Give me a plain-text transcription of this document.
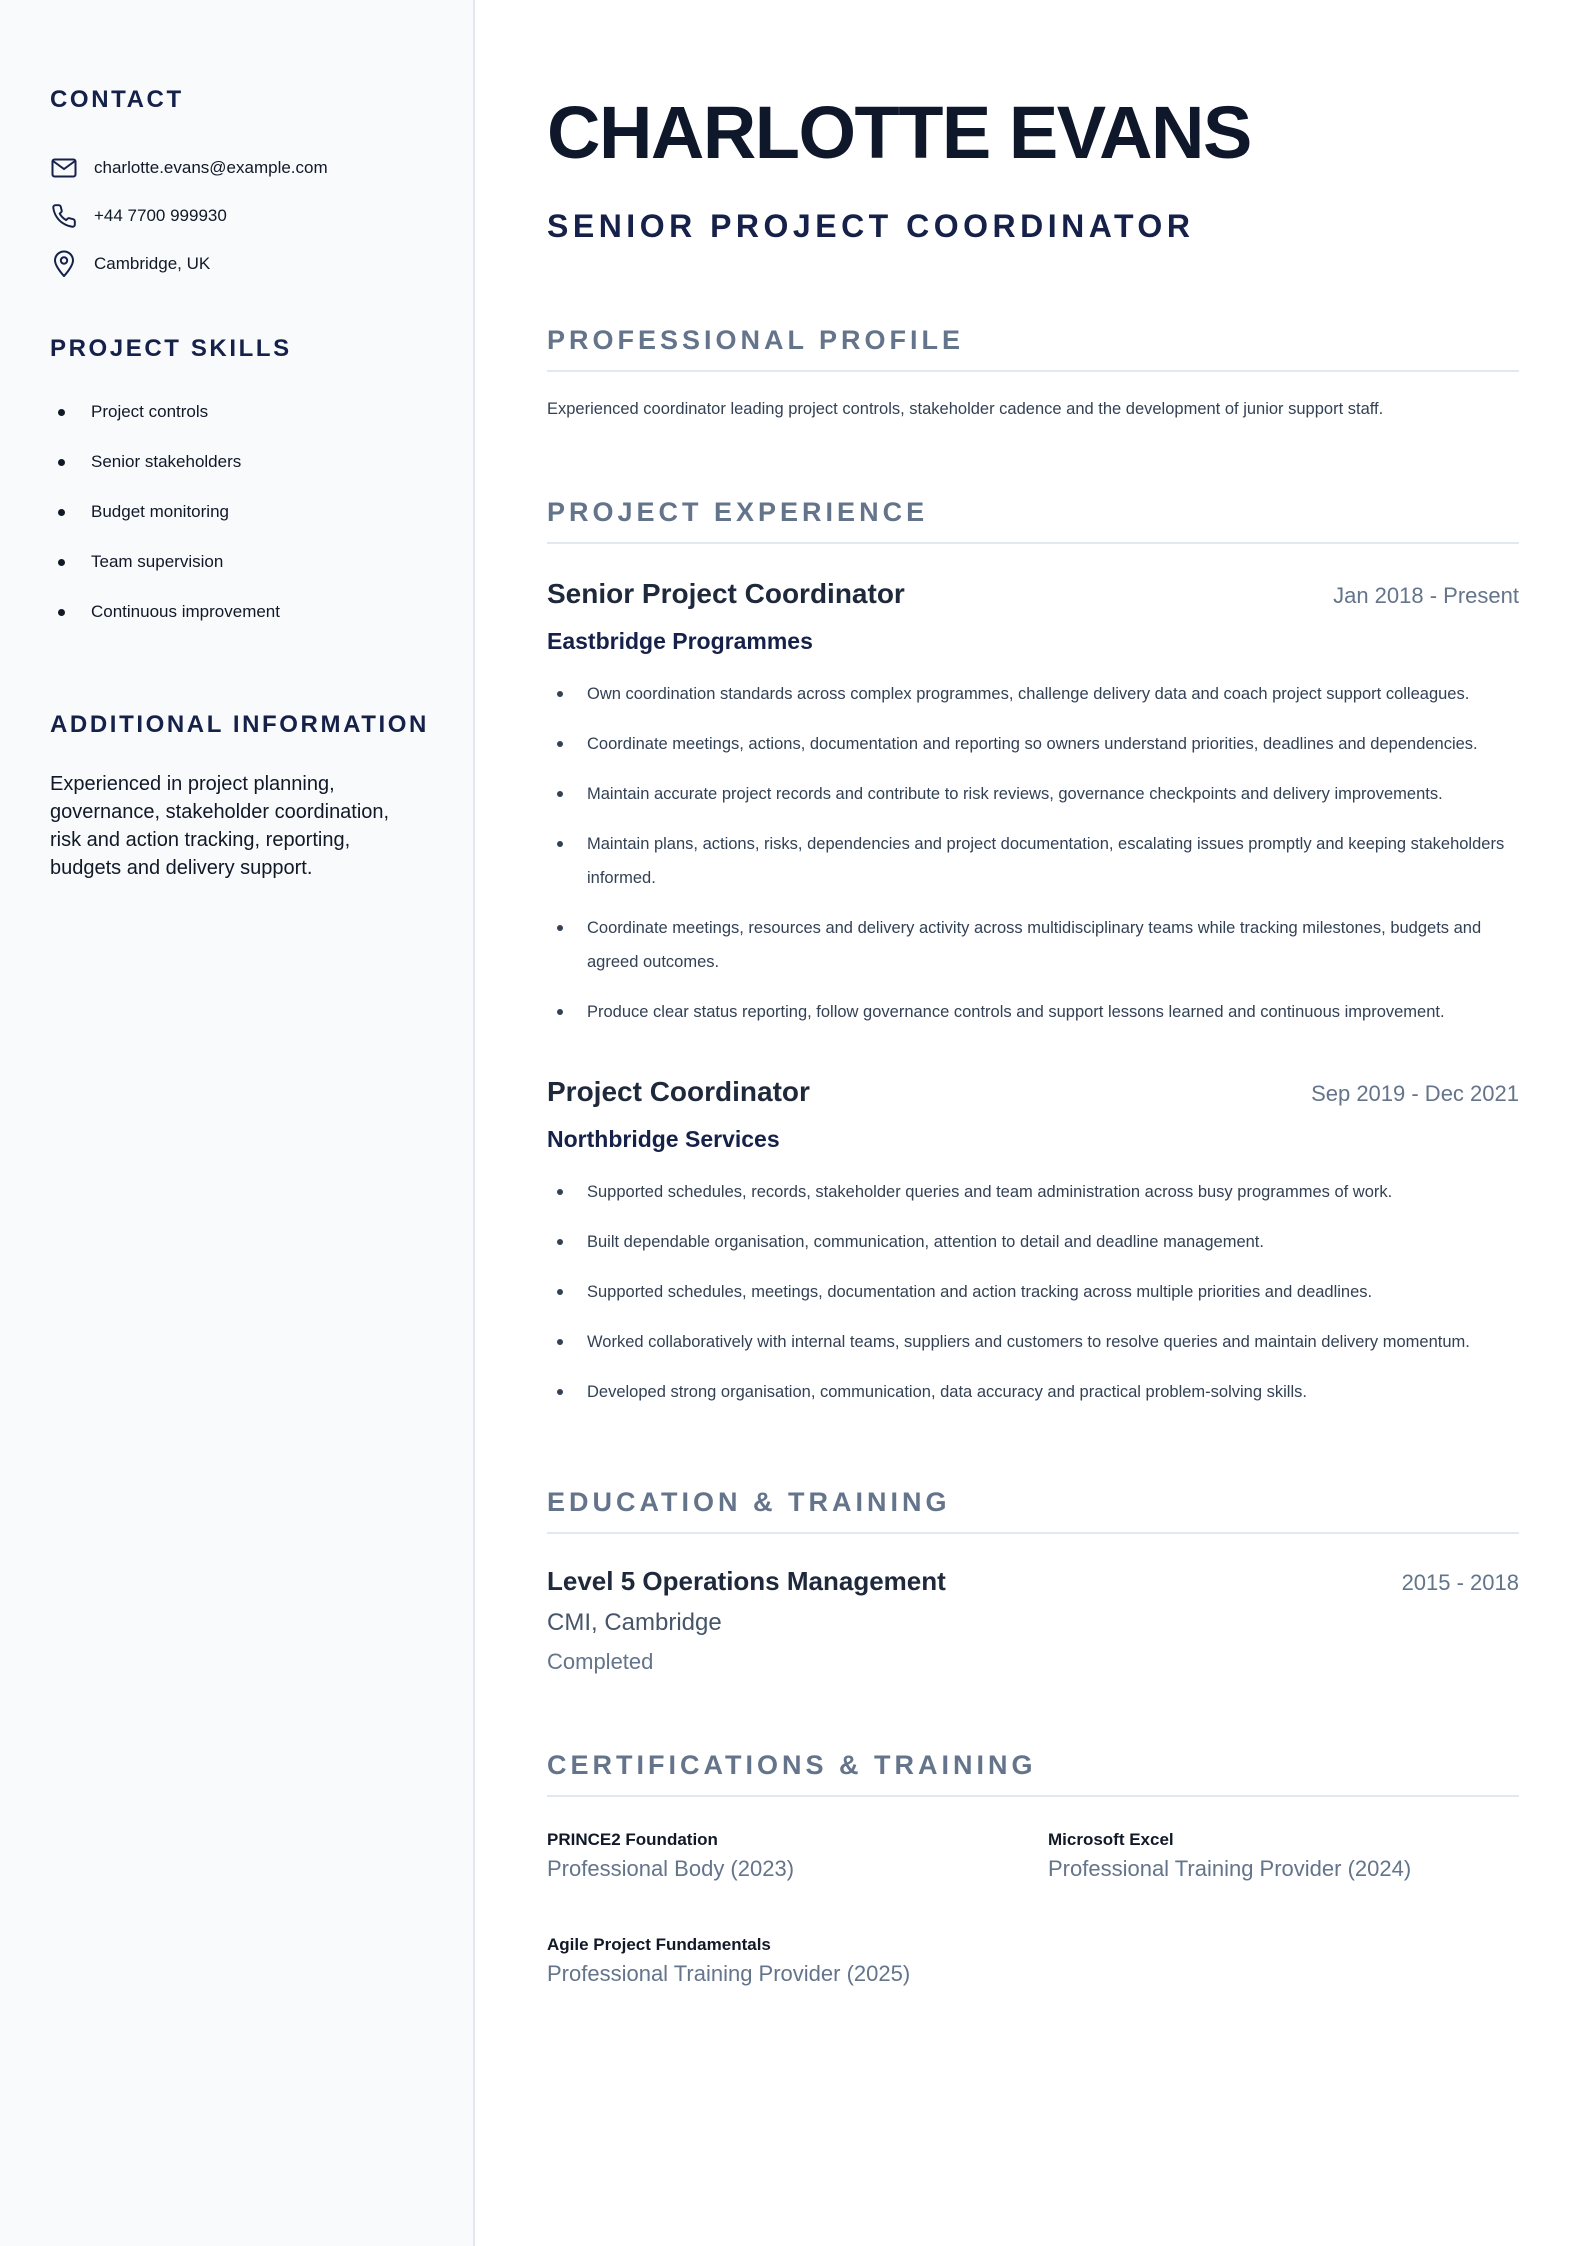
CONTACT
charlotte.evans@example.com
+44 7700 999930
Cambridge, UK
PROJECT SKILLS
Project controls
Senior stakeholders
Budget monitoring
Team supervision
Continuous improvement
ADDITIONAL INFORMATION

Experienced in project planning, governance, stakeholder coordination, risk and action tracking, reporting, budgets and delivery support.

CHARLOTTE EVANS
SENIOR PROJECT COORDINATOR
PROFESSIONAL PROFILE

Experienced coordinator leading project controls, stakeholder cadence and the development of junior support staff.

PROJECT EXPERIENCE
Senior Project Coordinator	Jan 2018 - Present
Eastbridge Programmes
Own coordination standards across complex programmes, challenge delivery data and coach project support colleagues.
Coordinate meetings, actions, documentation and reporting so owners understand priorities, deadlines and dependencies.
Maintain accurate project records and contribute to risk reviews, governance checkpoints and delivery improvements.
Maintain plans, actions, risks, dependencies and project documentation, escalating issues promptly and keeping stakeholders informed.
Coordinate meetings, resources and delivery activity across multidisciplinary teams while tracking milestones, budgets and agreed outcomes.
Produce clear status reporting, follow governance controls and support lessons learned and continuous improvement.
Project Coordinator	Sep 2019 - Dec 2021
Northbridge Services
Supported schedules, records, stakeholder queries and team administration across busy programmes of work.
Built dependable organisation, communication, attention to detail and deadline management.
Supported schedules, meetings, documentation and action tracking across multiple priorities and deadlines.
Worked collaboratively with internal teams, suppliers and customers to resolve queries and maintain delivery momentum.
Developed strong organisation, communication, data accuracy and practical problem-solving skills.
EDUCATION & TRAINING
Level 5 Operations Management	2015 - 2018
CMI, Cambridge
Completed
CERTIFICATIONS & TRAINING
PRINCE2 Foundation
Professional Body (2023)
Microsoft Excel
Professional Training Provider (2024)
Agile Project Fundamentals
Professional Training Provider (2025)
